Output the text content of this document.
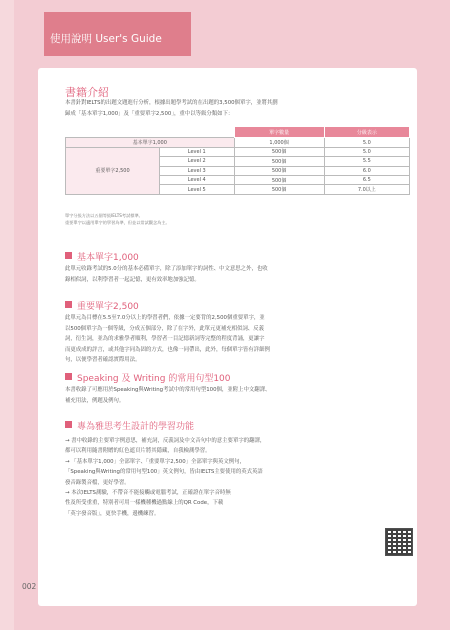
使用說明 User's Guide
書籍介紹

本書針對IELTS的出題文題進行分析，根據出題學考試的在出題的3,500個單字，並將其劃

歸成「基本單字1,000」及「重要單字2,500」，重中以等級分類如下：

		單字數量	分級表示
基本單字1,000		1,000個	5.0
重要單字2,500	Level 1	500個	5.0
	Level 2	500個	5.5
	Level 3	500個	6.0
	Level 4	500個	6.5
	Level 5	500個	7.0以上

單字分級方法以五個等級IELTS考試標準。

重要單字以適用單字的學習為準，但並以常試觀念為主。

基本單字1,000

此單元收錄考試的5.0分的基本必備單字，除了添加單字的詞性、中文意思之外，也收

錄相似詞，以利學習者一起記憶，更有效率地加強記憶。

重要單字2,500

此單元為目標在5.5至7.0分以上的學習者們，依據一定要背的2,500個重要單字，並

以500個單字為一個等級，分成五個部分，除了在字外，此單元更補充相似詞、反義

詞，衍生詞，並為的求雅學者順利，學習者一目記憶新詞等完整的程度背誦，更讓字

而更成成的評言，或其他字同為固的方式，也像一同帶出，此外，每個單字皆有詳細例

句，以便學習者確認實際用法。

Speaking 及 Writing 的常用句型100

本書收錄了可應用於Speaking與Writing考試中的常用句型100個，並附上中文翻譯、

補充用法，例題及例句。

專為雅思考生設計的學習功能

→ 書中收錄的主要單字例意思，補充詞，反義詞及中文音句中的意主要單字的翻譯，

都可以利用隨書附贈的紅色遮頁片將其隱藏，自我檢測學習。

→ 「基本單字1,000」全部單字、「重要單字2,500」全部單字與英文例句，

「Speaking與Writing的常用句型100」英文例句，皆由IELTS主要使用的英式英語

發音錄製音檔，更好學習。

→ 本次IELTS測驗，不帶音不能接觸或電腦考試，正確證在單字音時無

性及所受重重，特別者可用一樣機種機過點線上的QR Code，下載

「英字發音版」，更快手機，邊機練習。

002
